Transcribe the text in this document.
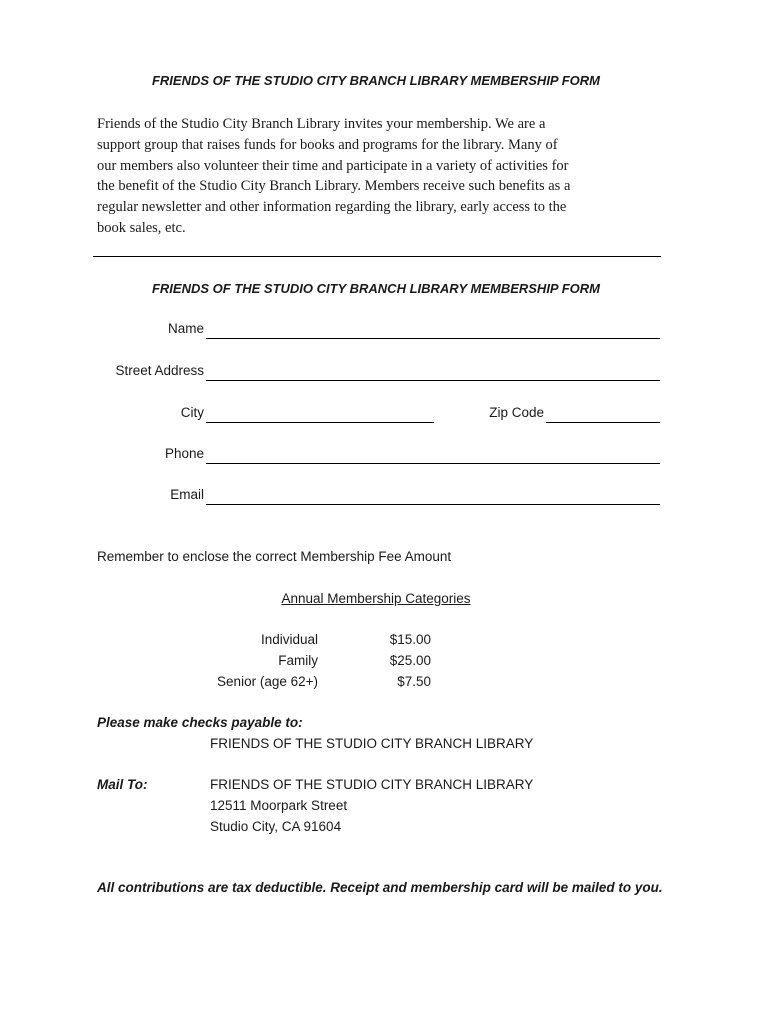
FRIENDS OF THE STUDIO CITY BRANCH LIBRARY MEMBERSHIP FORM

Friends of the Studio City Branch Library invites your membership. We are a

support group that raises funds for books and programs for the library. Many of

our members also volunteer their time and participate in a variety of activities for

the benefit of the Studio City Branch Library. Members receive such benefits as a

regular newsletter and other information regarding the library, early access to the

book sales, etc.

FRIENDS OF THE STUDIO CITY BRANCH LIBRARY MEMBERSHIP FORM
Name
Street Address
City	Zip Code
Phone
Email
Remember to enclose the correct Membership Fee Amount
Annual Membership Categories
Individual	$15.00
Family	$25.00
Senior (age 62+)	$7.50
Please make checks payable to:
FRIENDS OF THE STUDIO CITY BRANCH LIBRARY
Mail To:	FRIENDS OF THE STUDIO CITY BRANCH LIBRARY
12511 Moorpark Street
Studio City, CA 91604
All contributions are tax deductible. Receipt and membership card will be mailed to you.
